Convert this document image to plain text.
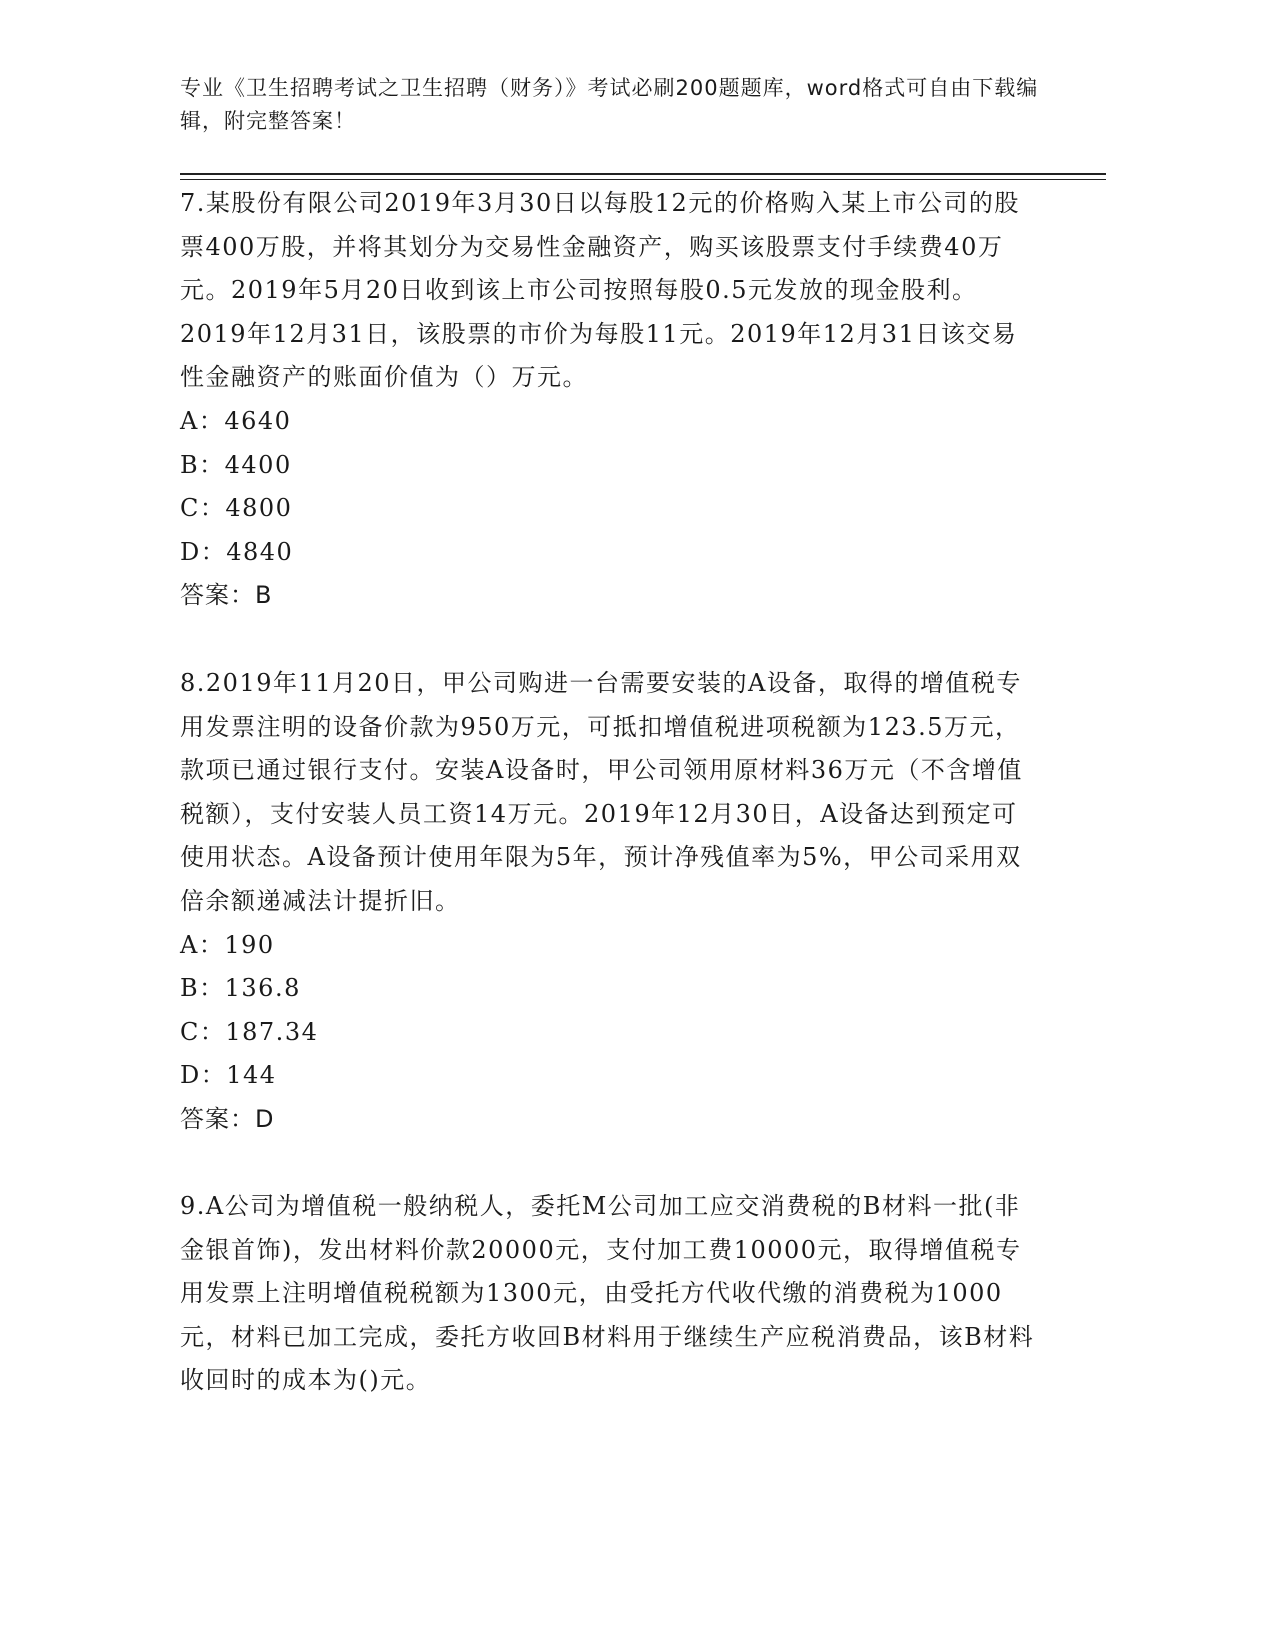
专业《卫生招聘考试之卫生招聘（财务）》考试必刷200题题库，word格式可自由下载编辑，附完整答案！

7.某股份有限公司2019年3月30日以每股12元的价格购入某上市公司的股票400万股，并将其划分为交易性金融资产，购买该股票支付手续费40万元。2019年5月20日收到该上市公司按照每股0.5元发放的现金股利。2019年12月31日，该股票的市价为每股11元。2019年12月31日该交易性金融资产的账面价值为（）万元。

A：4640
B：4400
C：4800
D：4840
答案：B

8.2019年11月20日，甲公司购进一台需要安装的A设备，取得的增值税专用发票注明的设备价款为950万元，可抵扣增值税进项税额为123.5万元，款项已通过银行支付。安装A设备时，甲公司领用原材料36万元（不含增值税额），支付安装人员工资14万元。2019年12月30日，A设备达到预定可使用状态。A设备预计使用年限为5年，预计净残值率为5%，甲公司采用双倍余额递减法计提折旧。

A：190
B：136.8
C：187.34
D：144
答案：D

9.A公司为增值税一般纳税人，委托M公司加工应交消费税的B材料一批(非金银首饰)，发出材料价款20000元，支付加工费10000元，取得增值税专用发票上注明增值税税额为1300元，由受托方代收代缴的消费税为1000元，材料已加工完成，委托方收回B材料用于继续生产应税消费品，该B材料收回时的成本为()元。
